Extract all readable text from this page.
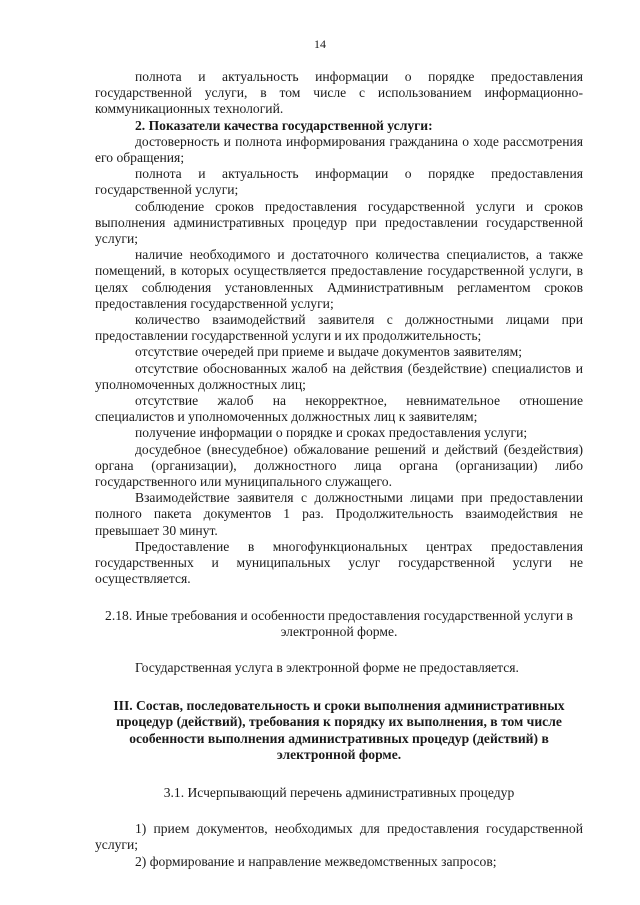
14

полнота и актуальность информации о порядке предоставления государственной услуги, в том числе с использованием информационно-коммуникационных технологий.

2. Показатели качества государственной услуги:

достоверность и полнота информирования гражданина о ходе рассмотрения его обращения;

полнота и актуальность информации о порядке предоставления государственной услуги;

соблюдение сроков предоставления государственной услуги и сроков выполнения административных процедур при предоставлении государственной услуги;

наличие необходимого и достаточного количества специалистов, а также помещений, в которых осуществляется предоставление государственной услуги, в целях соблюдения установленных Административным регламентом сроков предоставления государственной услуги;

количество взаимодействий заявителя с должностными лицами при предоставлении государственной услуги и их продолжительность;

отсутствие очередей при приеме и выдаче документов заявителям;

отсутствие обоснованных жалоб на действия (бездействие) специалистов и уполномоченных должностных лиц;

отсутствие жалоб на некорректное, невнимательное отношение специалистов и уполномоченных должностных лиц к заявителям;

получение информации о порядке и сроках предоставления услуги;

досудебное (внесудебное) обжалование решений и действий (бездействия) органа (организации), должностного лица органа (организации) либо государственного или муниципального служащего.

Взаимодействие заявителя с должностными лицами при предоставлении полного пакета документов 1 раз. Продолжительность взаимодействия не превышает 30 минут.

Предоставление в многофункциональных центрах предоставления государственных и муниципальных услуг государственной услуги не осуществляется.

2.18. Иные требования и особенности предоставления государственной услуги в электронной форме.

Государственная услуга в электронной форме не предоставляется.

III. Состав, последовательность и сроки выполнения административных процедур (действий), требования к порядку их выполнения, в том числе особенности выполнения административных процедур (действий) в электронной форме.

3.1. Исчерпывающий перечень административных процедур

1) прием документов, необходимых для предоставления государственной услуги;

2) формирование и направление межведомственных запросов;
